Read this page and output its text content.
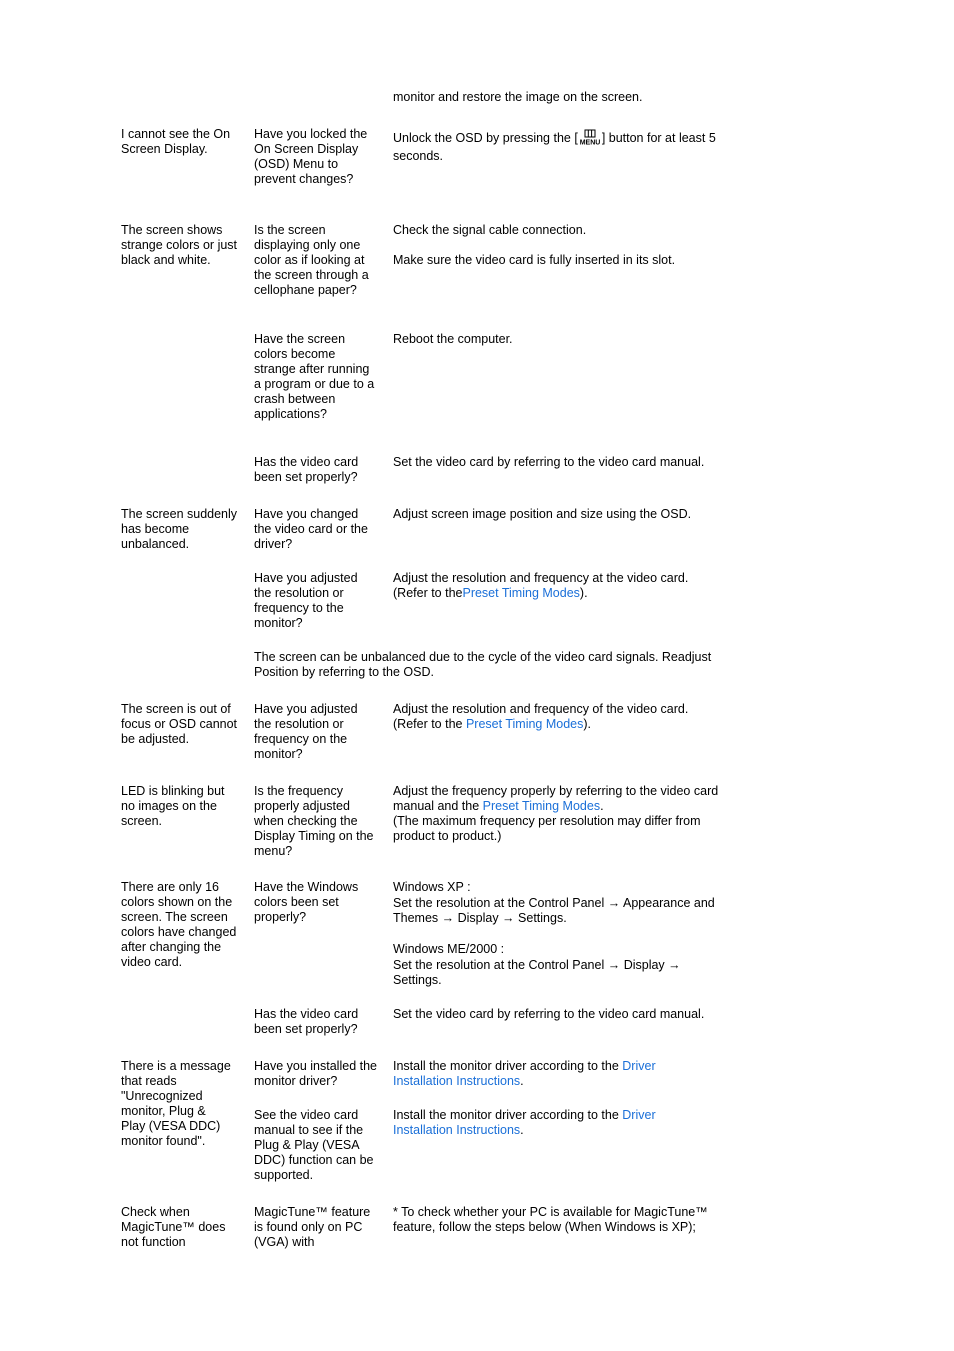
monitor and restore the image on the screen.

I cannot see the On Screen Display.

Have you locked the On Screen Display (OSD) Menu to prevent changes?

Unlock the OSD by pressing the [ MENU ] button for at least 5 seconds.

The screen shows strange colors or just black and white.

Is the screen displaying only one color as if looking at the screen through a cellophane paper?

Check the signal cable connection.

Make sure the video card is fully inserted in its slot.

Have the screen colors become strange after running a program or due to a crash between applications?

Reboot the computer.

Has the video card been set properly?

Set the video card by referring to the video card manual.

The screen suddenly has become unbalanced.

Have you changed the video card or the driver?

Adjust screen image position and size using the OSD.

Have you adjusted the resolution or frequency to the monitor?

Adjust the resolution and frequency at the video card.
(Refer to thePreset Timing Modes).

The screen can be unbalanced due to the cycle of the video card signals. Readjust Position by referring to the OSD.

The screen is out of focus or OSD cannot be adjusted.

Have you adjusted the resolution or frequency on the monitor?

Adjust the resolution and frequency of the video card.
(Refer to the Preset Timing Modes).

LED is blinking but no images on the screen.

Is the frequency properly adjusted when checking the Display Timing on the menu?

Adjust the frequency properly by referring to the video card manual and the Preset Timing Modes.
(The maximum frequency per resolution may differ from product to product.)

There are only 16 colors shown on the screen. The screen colors have changed after changing the video card.

Have the Windows colors been set properly?

Windows XP :
Set the resolution at the Control Panel → Appearance and Themes → Display → Settings.

Windows ME/2000 :
Set the resolution at the Control Panel → Display → Settings.

Has the video card been set properly?

Set the video card by referring to the video card manual.

There is a message that reads "Unrecognized monitor, Plug & Play (VESA DDC) monitor found".

Have you installed the monitor driver?

Install the monitor driver according to the Driver Installation Instructions.

See the video card manual to see if the Plug & Play (VESA DDC) function can be supported.

Install the monitor driver according to the Driver Installation Instructions.

Check when MagicTune™ does not function

MagicTune™ feature is found only on PC (VGA) with

* To check whether your PC is available for MagicTune™ feature, follow the steps below (When Windows is XP);
